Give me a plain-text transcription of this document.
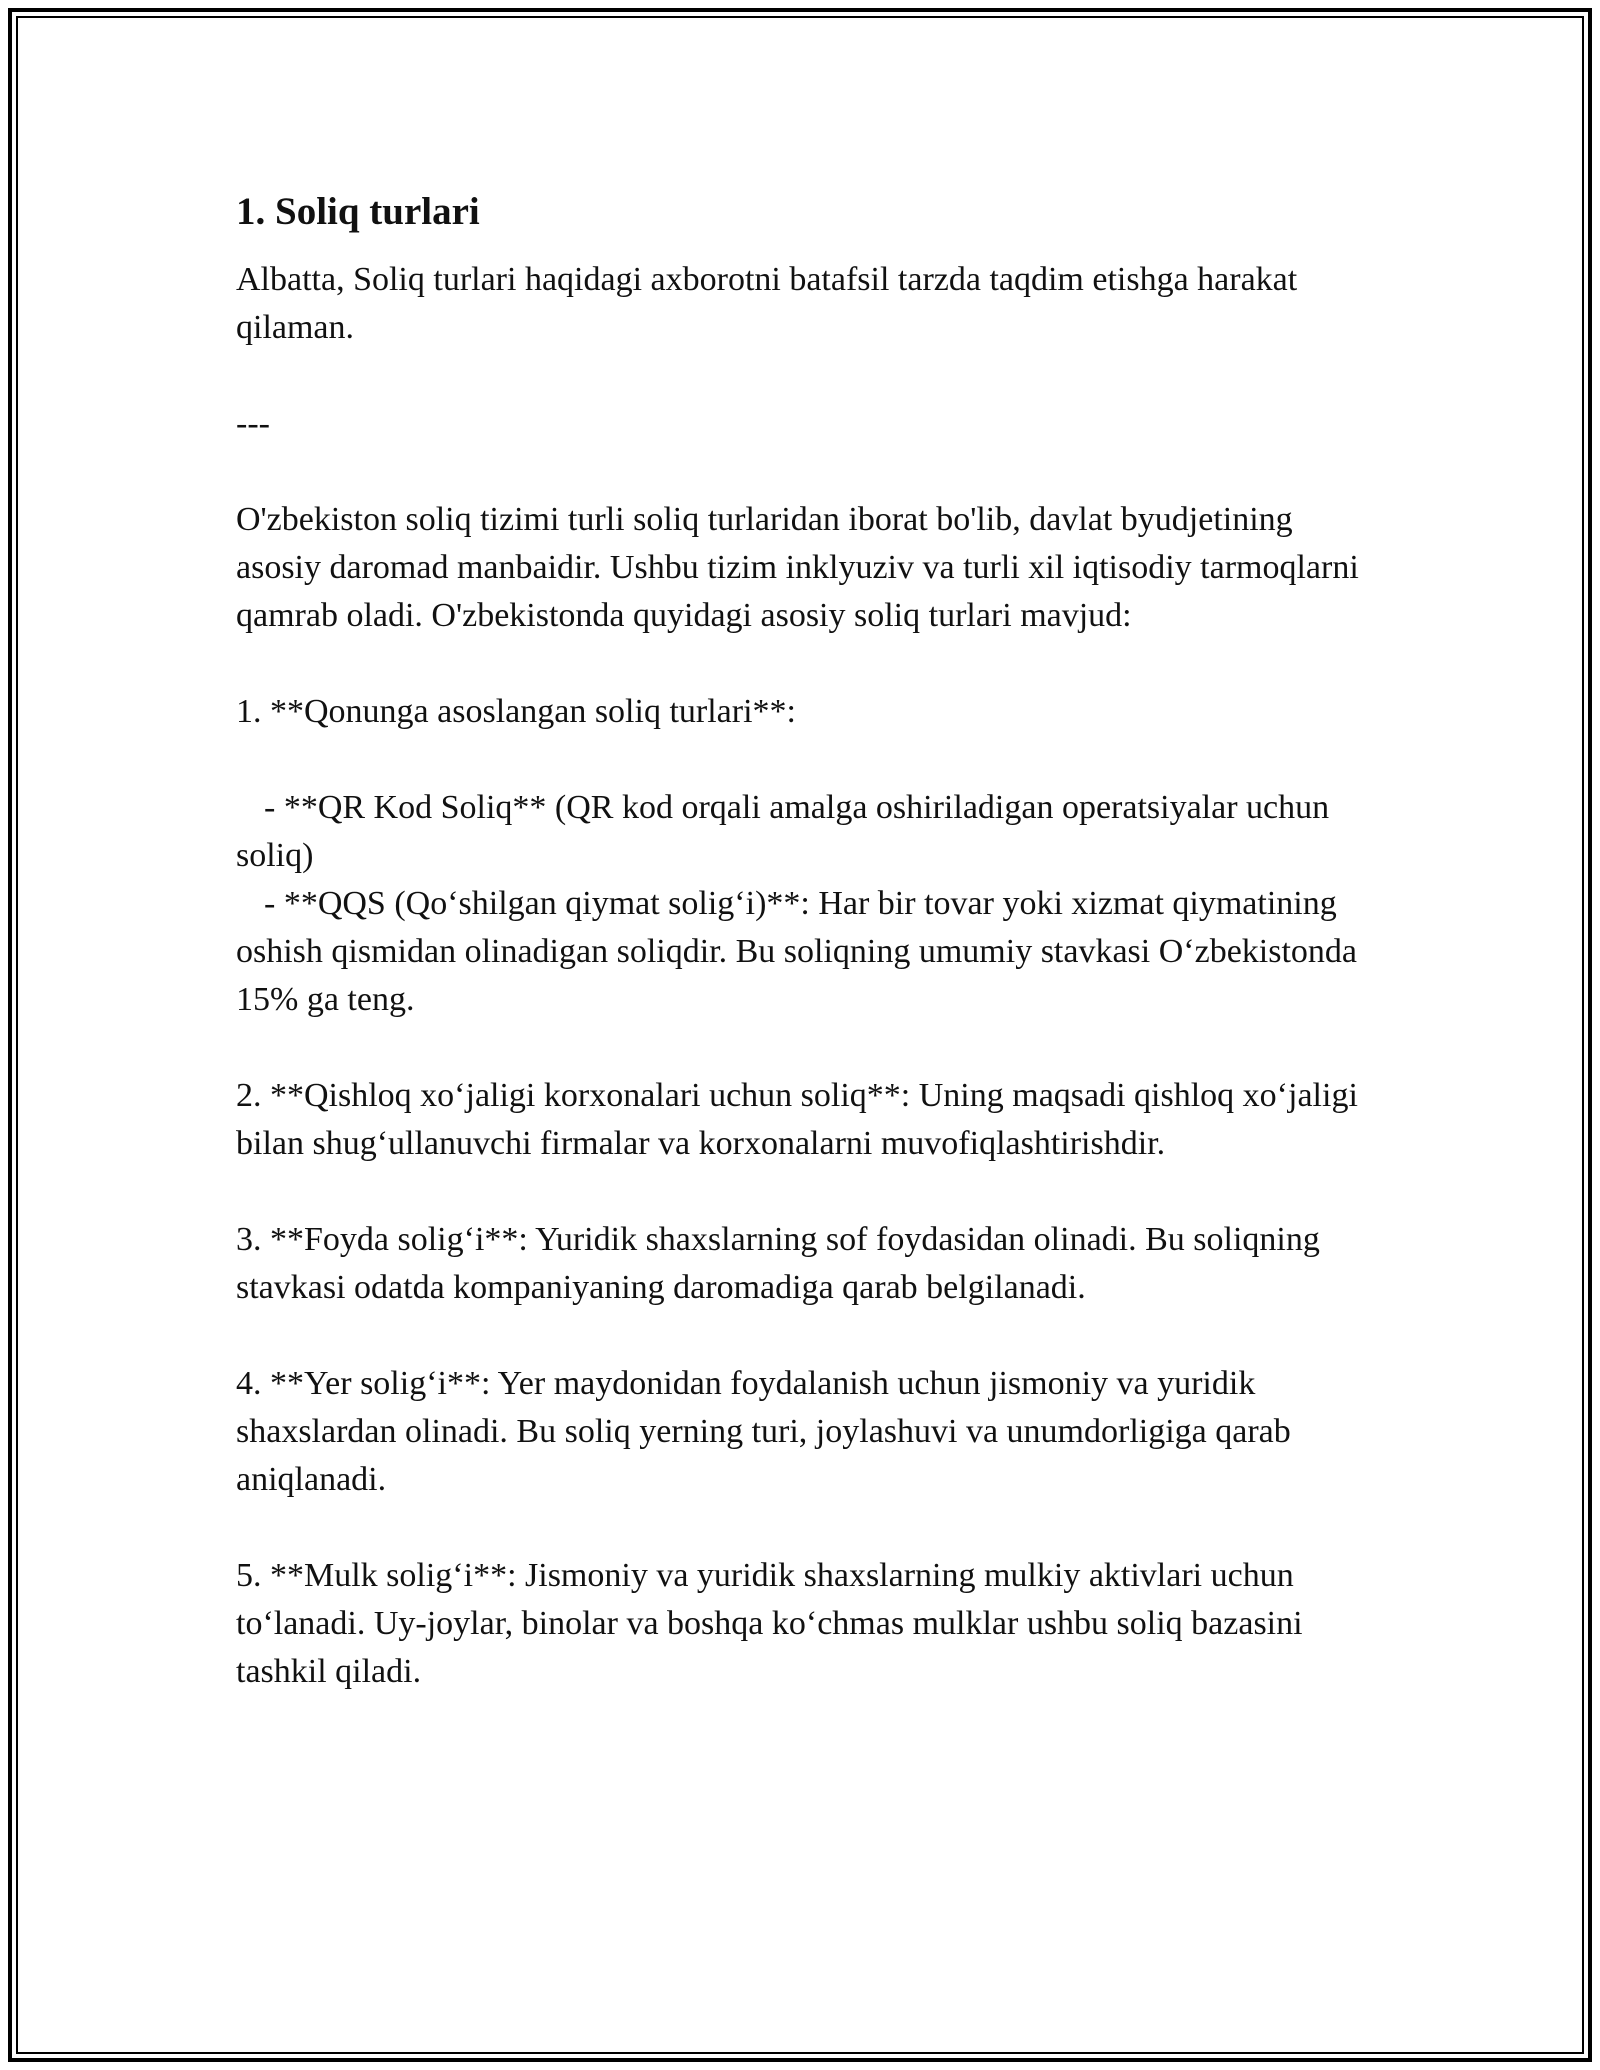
1. Soliq turlari

Albatta, Soliq turlari haqidagi axborotni batafsil tarzda taqdim etishga harakat qilaman.

---

O'zbekiston soliq tizimi turli soliq turlaridan iborat bo'lib, davlat byudjetining asosiy daromad manbaidir. Ushbu tizim inklyuziv va turli xil iqtisodiy tarmoqlarni qamrab oladi. O'zbekistonda quyidagi asosiy soliq turlari mavjud:

1. **Qonunga asoslangan soliq turlari**:

- **QR Kod Soliq** (QR kod orqali amalga oshiriladigan operatsiyalar uchun soliq)

- **QQS (Qo‘shilgan qiymat solig‘i)**: Har bir tovar yoki xizmat qiymatining oshish qismidan olinadigan soliqdir. Bu soliqning umumiy stavkasi O‘zbekistonda 15% ga teng.

2. **Qishloq xo‘jaligi korxonalari uchun soliq**: Uning maqsadi qishloq xo‘jaligi bilan shug‘ullanuvchi firmalar va korxonalarni muvofiqlashtirishdir.

3. **Foyda solig‘i**: Yuridik shaxslarning sof foydasidan olinadi. Bu soliqning stavkasi odatda kompaniyaning daromadiga qarab belgilanadi.

4. **Yer solig‘i**: Yer maydonidan foydalanish uchun jismoniy va yuridik shaxslardan olinadi. Bu soliq yerning turi, joylashuvi va unumdorligiga qarab aniqlanadi.

5. **Mulk solig‘i**: Jismoniy va yuridik shaxslarning mulkiy aktivlari uchun to‘lanadi. Uy-joylar, binolar va boshqa ko‘chmas mulklar ushbu soliq bazasini tashkil qiladi.
